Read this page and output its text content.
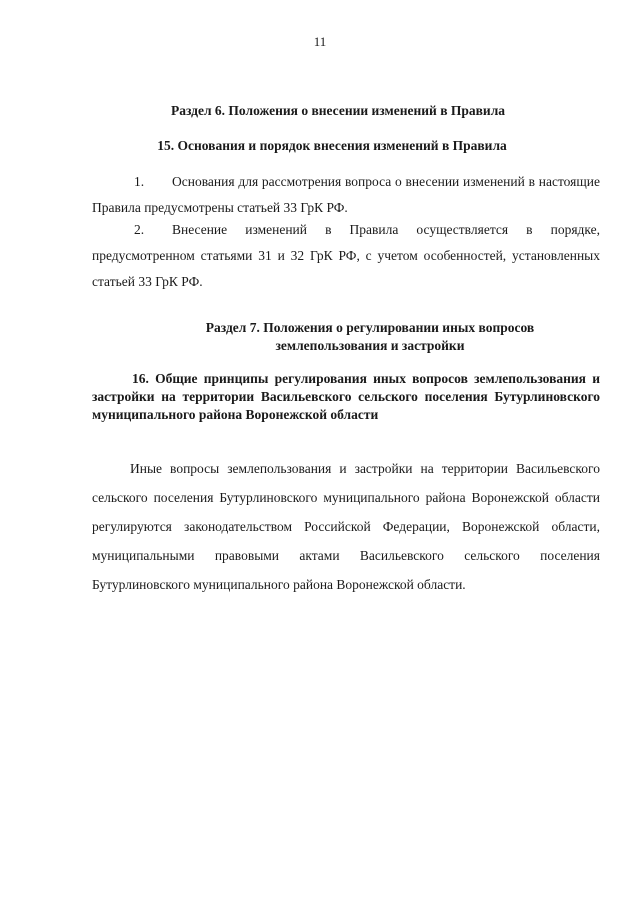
11
Раздел 6. Положения о внесении изменений в Правила
15. Основания и порядок внесения изменений в Правила
1. Основания для рассмотрения вопроса о внесении изменений в настоящие Правила предусмотрены статьей 33 ГрК РФ.
2. Внесение изменений в Правила осуществляется в порядке, предусмотренном статьями 31 и 32 ГрК РФ, с учетом особенностей, установленных статьей 33 ГрК РФ.
Раздел 7. Положения о регулировании иных вопросов
землепользования и застройки
16. Общие принципы регулирования иных вопросов землепользования и застройки на территории Васильевского сельского поселения Бутурлиновского муниципального района Воронежской области
Иные вопросы землепользования и застройки на территории Васильевского сельского поселения Бутурлиновского муниципального района Воронежской области регулируются законодательством Российской Федерации, Воронежской области, муниципальными правовыми актами Васильевского сельского поселения Бутурлиновского муниципального района Воронежской области.
